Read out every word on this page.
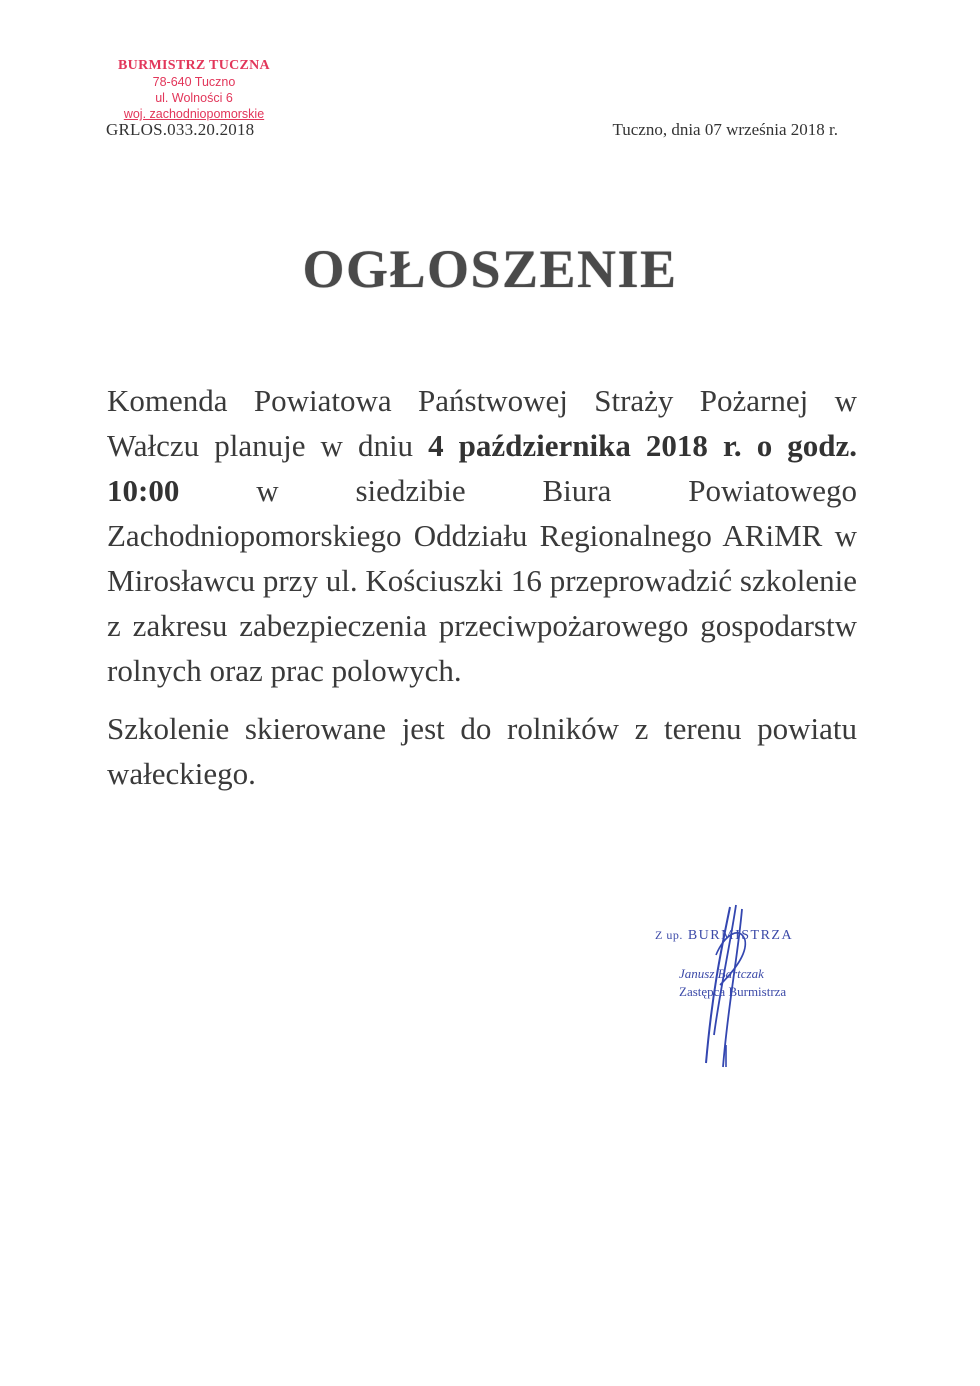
BURMISTRZ TUCZNA
78-640 Tuczno
ul. Wolności 6
woj. zachodniopomorskie
GRLOS.033.20.2018	Tuczno, dnia 07 września 2018 r.
OGŁOSZENIE

Komenda Powiatowa Państwowej Straży Pożarnej w Wałczu planuje w dniu 4 października 2018 r. o godz. 10:00 w siedzibie Biura Powiatowego Zachodniopomorskiego Oddziału Regionalnego ARiMR w Mirosławcu przy ul. Kościuszki 16 przeprowadzić szkolenie z zakresu zabezpieczenia przeciwpożarowego gospodarstw rolnych oraz prac polowych.

Szkolenie skierowane jest do rolników z terenu powiatu wałeckiego.

Z up. BURMISTRZA
Janusz Bartczak
Zastępca Burmistrza
